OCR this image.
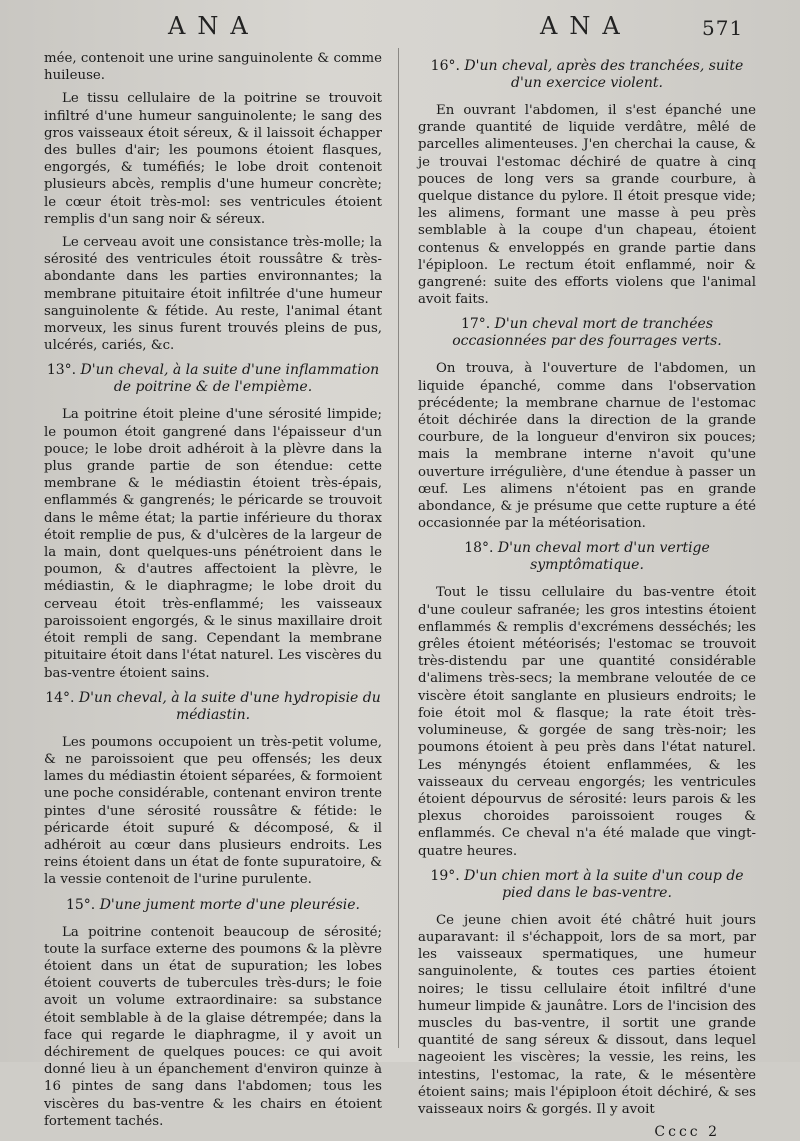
ANA	ANA	571

mée, contenoit une urine sanguinolente & comme huileuse.

Le tissu cellulaire de la poitrine se trouvoit infiltré d'une humeur sanguinolente; le sang des gros vaisseaux étoit séreux, & il laissoit échapper des bulles d'air; les poumons étoient flasques, engorgés, & tuméfiés; le lobe droit contenoit plusieurs abcès, remplis d'une humeur concrète; le cœur étoit très-mol: ses ventricules étoient remplis d'un sang noir & séreux.

Le cerveau avoit une consistance très-molle; la sérosité des ventricules étoit roussâtre & très-abondante dans les parties environnantes; la membrane pituitaire étoit infiltrée d'une humeur sanguinolente & fétide. Au reste, l'animal étant morveux, les sinus furent trouvés pleins de pus, ulcérés, cariés, &c.

13°. D'un cheval, à la suite d'une inflammation de poitrine & de l'empième.

La poitrine étoit pleine d'une sérosité limpide; le poumon étoit gangrené dans l'épaisseur d'un pouce; le lobe droit adhéroit à la plèvre dans la plus grande partie de son étendue: cette membrane & le médiastin étoient très-épais, enflammés & gangrenés; le péricarde se trouvoit dans le même état; la partie inférieure du thorax étoit remplie de pus, & d'ulcères de la largeur de la main, dont quelques-uns pénétroient dans le poumon, & d'autres affectoient la plèvre, le médiastin, & le diaphragme; le lobe droit du cerveau étoit très-enflammé; les vaisseaux paroissoient engorgés, & le sinus maxillaire droit étoit rempli de sang. Cependant la membrane pituitaire étoit dans l'état naturel. Les viscères du bas-ventre étoient sains.

14°. D'un cheval, à la suite d'une hydropisie du médiastin.

Les poumons occupoient un très-petit volume, & ne paroissoient que peu offensés; les deux lames du médiastin étoient séparées, & formoient une poche considérable, contenant environ trente pintes d'une sérosité roussâtre & fétide: le péricarde étoit supuré & décomposé, & il adhéroit au cœur dans plusieurs endroits. Les reins étoient dans un état de fonte supuratoire, & la vessie contenoit de l'urine purulente.

15°. D'une jument morte d'une pleurésie.

La poitrine contenoit beaucoup de sérosité; toute la surface externe des poumons & la plèvre étoient dans un état de supuration; les lobes étoient couverts de tubercules très-durs; le foie avoit un volume extraordinaire: sa substance étoit semblable à de la glaise détrempée; dans la face qui regarde le diaphragme, il y avoit un déchirement de quelques pouces: ce qui avoit donné lieu à un épanchement d'environ quinze à 16 pintes de sang dans l'abdomen; tous les viscères du bas-ventre & les chairs en étoient fortement tachés.

16°. D'un cheval, après des tranchées, suite d'un exercice violent.

En ouvrant l'abdomen, il s'est épanché une grande quantité de liquide verdâtre, mêlé de parcelles alimenteuses. J'en cherchai la cause, & je trouvai l'estomac déchiré de quatre à cinq pouces de long vers sa grande courbure, à quelque distance du pylore. Il étoit presque vide; les alimens, formant une masse à peu près semblable à la coupe d'un chapeau, étoient contenus & enveloppés en grande partie dans l'épiploon. Le rectum étoit enflammé, noir & gangrené: suite des efforts violens que l'animal avoit faits.

17°. D'un cheval mort de tranchées occasionnées par des fourrages verts.

On trouva, à l'ouverture de l'abdomen, un liquide épanché, comme dans l'observation précédente; la membrane charnue de l'estomac étoit déchirée dans la direction de la grande courbure, de la longueur d'environ six pouces; mais la membrane interne n'avoit qu'une ouverture irrégulière, d'une étendue à passer un œuf. Les alimens n'étoient pas en grande abondance, & je présume que cette rupture a été occasionnée par la météorisation.

18°. D'un cheval mort d'un vertige symptômatique.

Tout le tissu cellulaire du bas-ventre étoit d'une couleur safranée; les gros intestins étoient enflammés & remplis d'excrémens desséchés; les grêles étoient météorisés; l'estomac se trouvoit très-distendu par une quantité considérable d'alimens très-secs; la membrane veloutée de ce viscère étoit sanglante en plusieurs endroits; le foie étoit mol & flasque; la rate étoit très-volumineuse, & gorgée de sang très-noir; les poumons étoient à peu près dans l'état naturel. Les ményngés étoient enflammées, & les vaisseaux du cerveau engorgés; les ventricules étoient dépourvus de sérosité: leurs parois & les plexus choroides paroissoient rouges & enflammés. Ce cheval n'a été malade que vingt-quatre heures.

19°. D'un chien mort à la suite d'un coup de pied dans le bas-ventre.

Ce jeune chien avoit été châtré huit jours auparavant: il s'échappoit, lors de sa mort, par les vaisseaux spermatiques, une humeur sanguinolente, & toutes ces parties étoient noires; le tissu cellulaire étoit infiltré d'une humeur limpide & jaunâtre. Lors de l'incision des muscles du bas-ventre, il sortit une grande quantité de sang séreux & dissout, dans lequel nageoient les viscères; la vessie, les reins, les intestins, l'estomac, la rate, & le mésentère étoient sains; mais l'épiploon étoit déchiré, & ses vaisseaux noirs & gorgés. Il y avoit

Cccc 2
